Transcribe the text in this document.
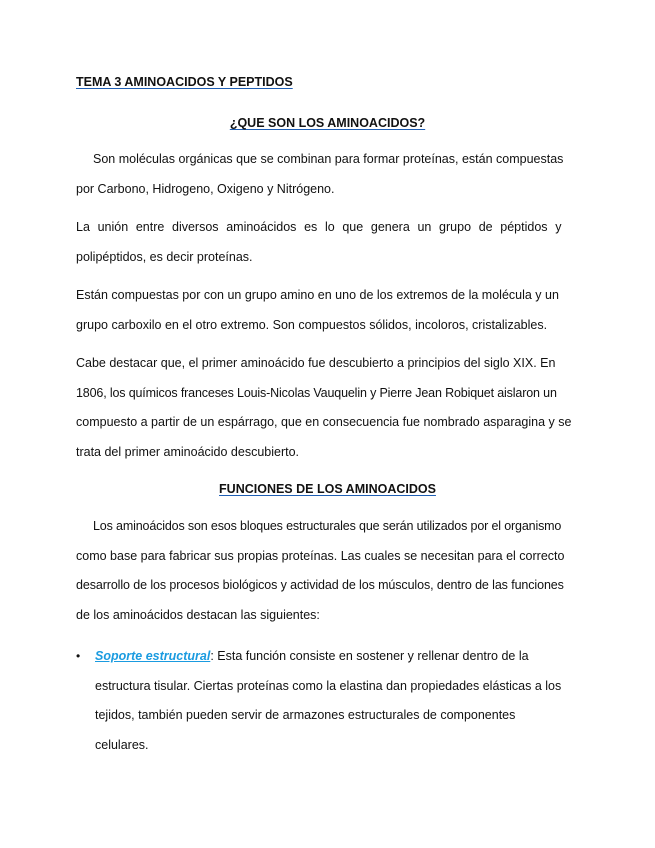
TEMA 3 AMINOACIDOS Y PEPTIDOS
¿QUE SON LOS AMINOACIDOS?

Son moléculas orgánicas que se combinan para formar proteínas, están compuestas
por Carbono, Hidrogeno, Oxigeno y Nitrógeno.

La unión entre diversos aminoácidos es lo que genera un grupo de péptidos y
polipéptidos, es decir proteínas.

Están compuestas por con un grupo amino en uno de los extremos de la molécula y un
grupo carboxilo en el otro extremo. Son compuestos sólidos, incoloros, cristalizables.

Cabe destacar que, el primer aminoácido fue descubierto a principios del siglo XIX. En
1806, los químicos franceses Louis-Nicolas Vauquelin y Pierre Jean Robiquet aislaron un
compuesto a partir de un espárrago, que en consecuencia fue nombrado asparagina y se
trata del primer aminoácido descubierto.

FUNCIONES DE LOS AMINOACIDOS

Los aminoácidos son esos bloques estructurales que serán utilizados por el organismo
como base para fabricar sus propias proteínas. Las cuales se necesitan para el correcto
desarrollo de los procesos biológicos y actividad de los músculos, dentro de las funciones
de los aminoácidos destacan las siguientes:

• Soporte estructural: Esta función consiste en sostener y rellenar dentro de la
estructura tisular. Ciertas proteínas como la elastina dan propiedades elásticas a los
tejidos, también pueden servir de armazones estructurales de componentes
celulares.
